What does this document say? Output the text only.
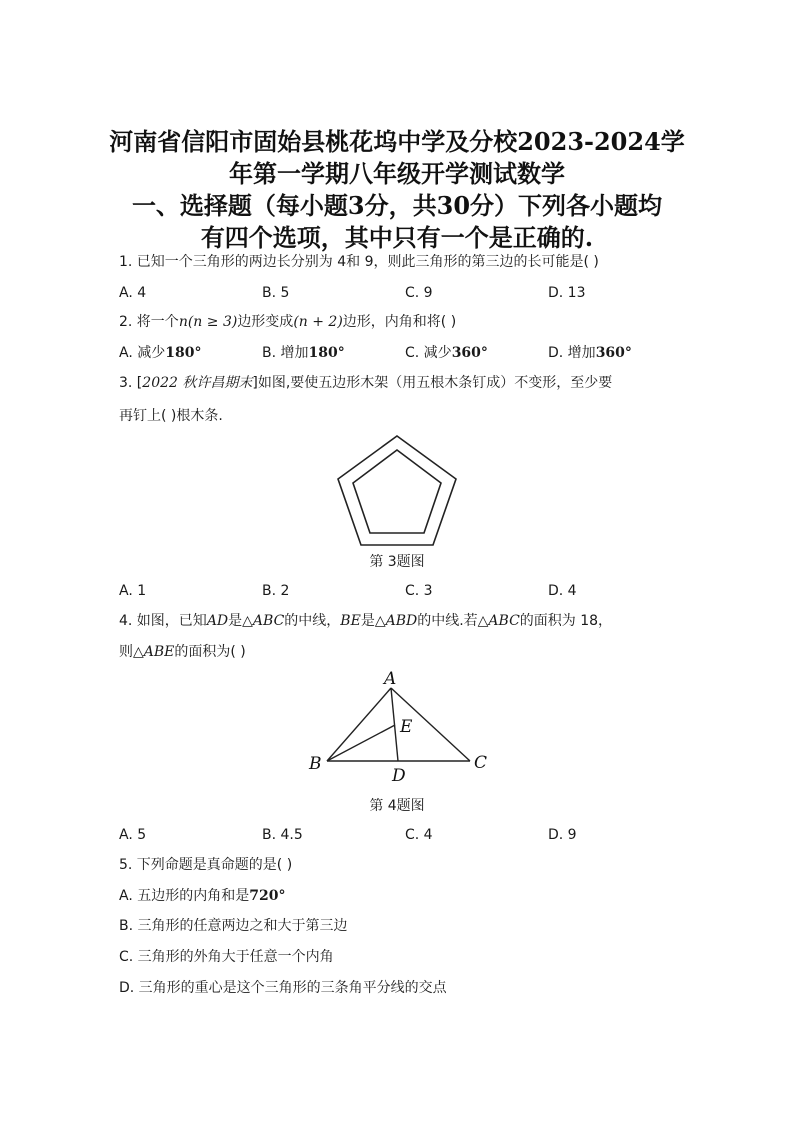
河南省信阳市固始县桃花坞中学及分校2023-2024学
年第一学期八年级开学测试数学
一、选择题（每小题3分，共30分）下列各小题均
有四个选项，其中只有一个是正确的.
1. 已知一个三角形的两边长分别为 4和 9，则此三角形的第三边的长可能是( )
A. 4	B. 5	C. 9	D. 13
2. 将一个n(n ≥ 3)边形变成(n + 2)边形，内角和将( )
A. 减少180°	B. 增加180°	C. 减少360°	D. 增加360°
3. [2022 秋许昌期末]如图,要使五边形木架（用五根木条钉成）不变形，至少要
再钉上( )根木条.
第 3题图
A. 1	B. 2	C. 3	D. 4
4. 如图，已知AD是△ABC的中线，BE是△ABD的中线.若△ABC的面积为 18，
则△ABE的面积为( )
A
E
B	C
D
第 4题图
A. 5	B. 4.5	C. 4	D. 9
5. 下列命题是真命题的是( )
A. 五边形的内角和是720°
B. 三角形的任意两边之和大于第三边
C. 三角形的外角大于任意一个内角
D. 三角形的重心是这个三角形的三条角平分线的交点
